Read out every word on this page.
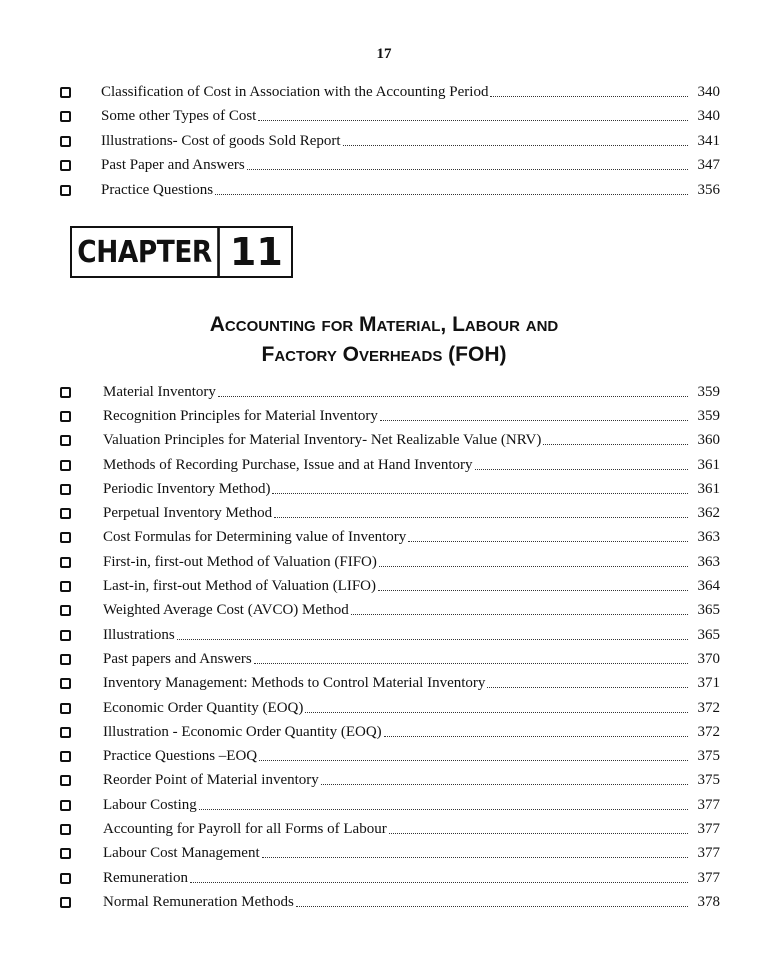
17
Classification of Cost in Association with the Accounting Period	340
Some other Types of Cost	340
Illustrations- Cost of goods Sold Report	341
Past Paper and Answers	347
Practice Questions	356
CHAPTER 11
Accounting for Material, Labour and
Factory Overheads (FOH)
Material Inventory	359
Recognition Principles for Material Inventory	359
Valuation Principles for Material Inventory- Net Realizable Value (NRV)	360
Methods of Recording Purchase, Issue and at Hand Inventory	361
Periodic Inventory Method)	361
Perpetual Inventory Method	362
Cost Formulas for Determining value of Inventory	363
First-in, first-out Method of Valuation (FIFO)	363
Last-in, first-out Method of Valuation (LIFO)	364
Weighted Average Cost (AVCO) Method	365
Illustrations	365
Past papers and Answers	370
Inventory Management: Methods to Control Material Inventory	371
Economic Order Quantity (EOQ)	372
Illustration - Economic Order Quantity (EOQ)	372
Practice Questions –EOQ	375
Reorder Point of Material inventory	375
Labour Costing	377
Accounting for Payroll for all Forms of Labour	377
Labour Cost Management	377
Remuneration	377
Normal Remuneration Methods	378
